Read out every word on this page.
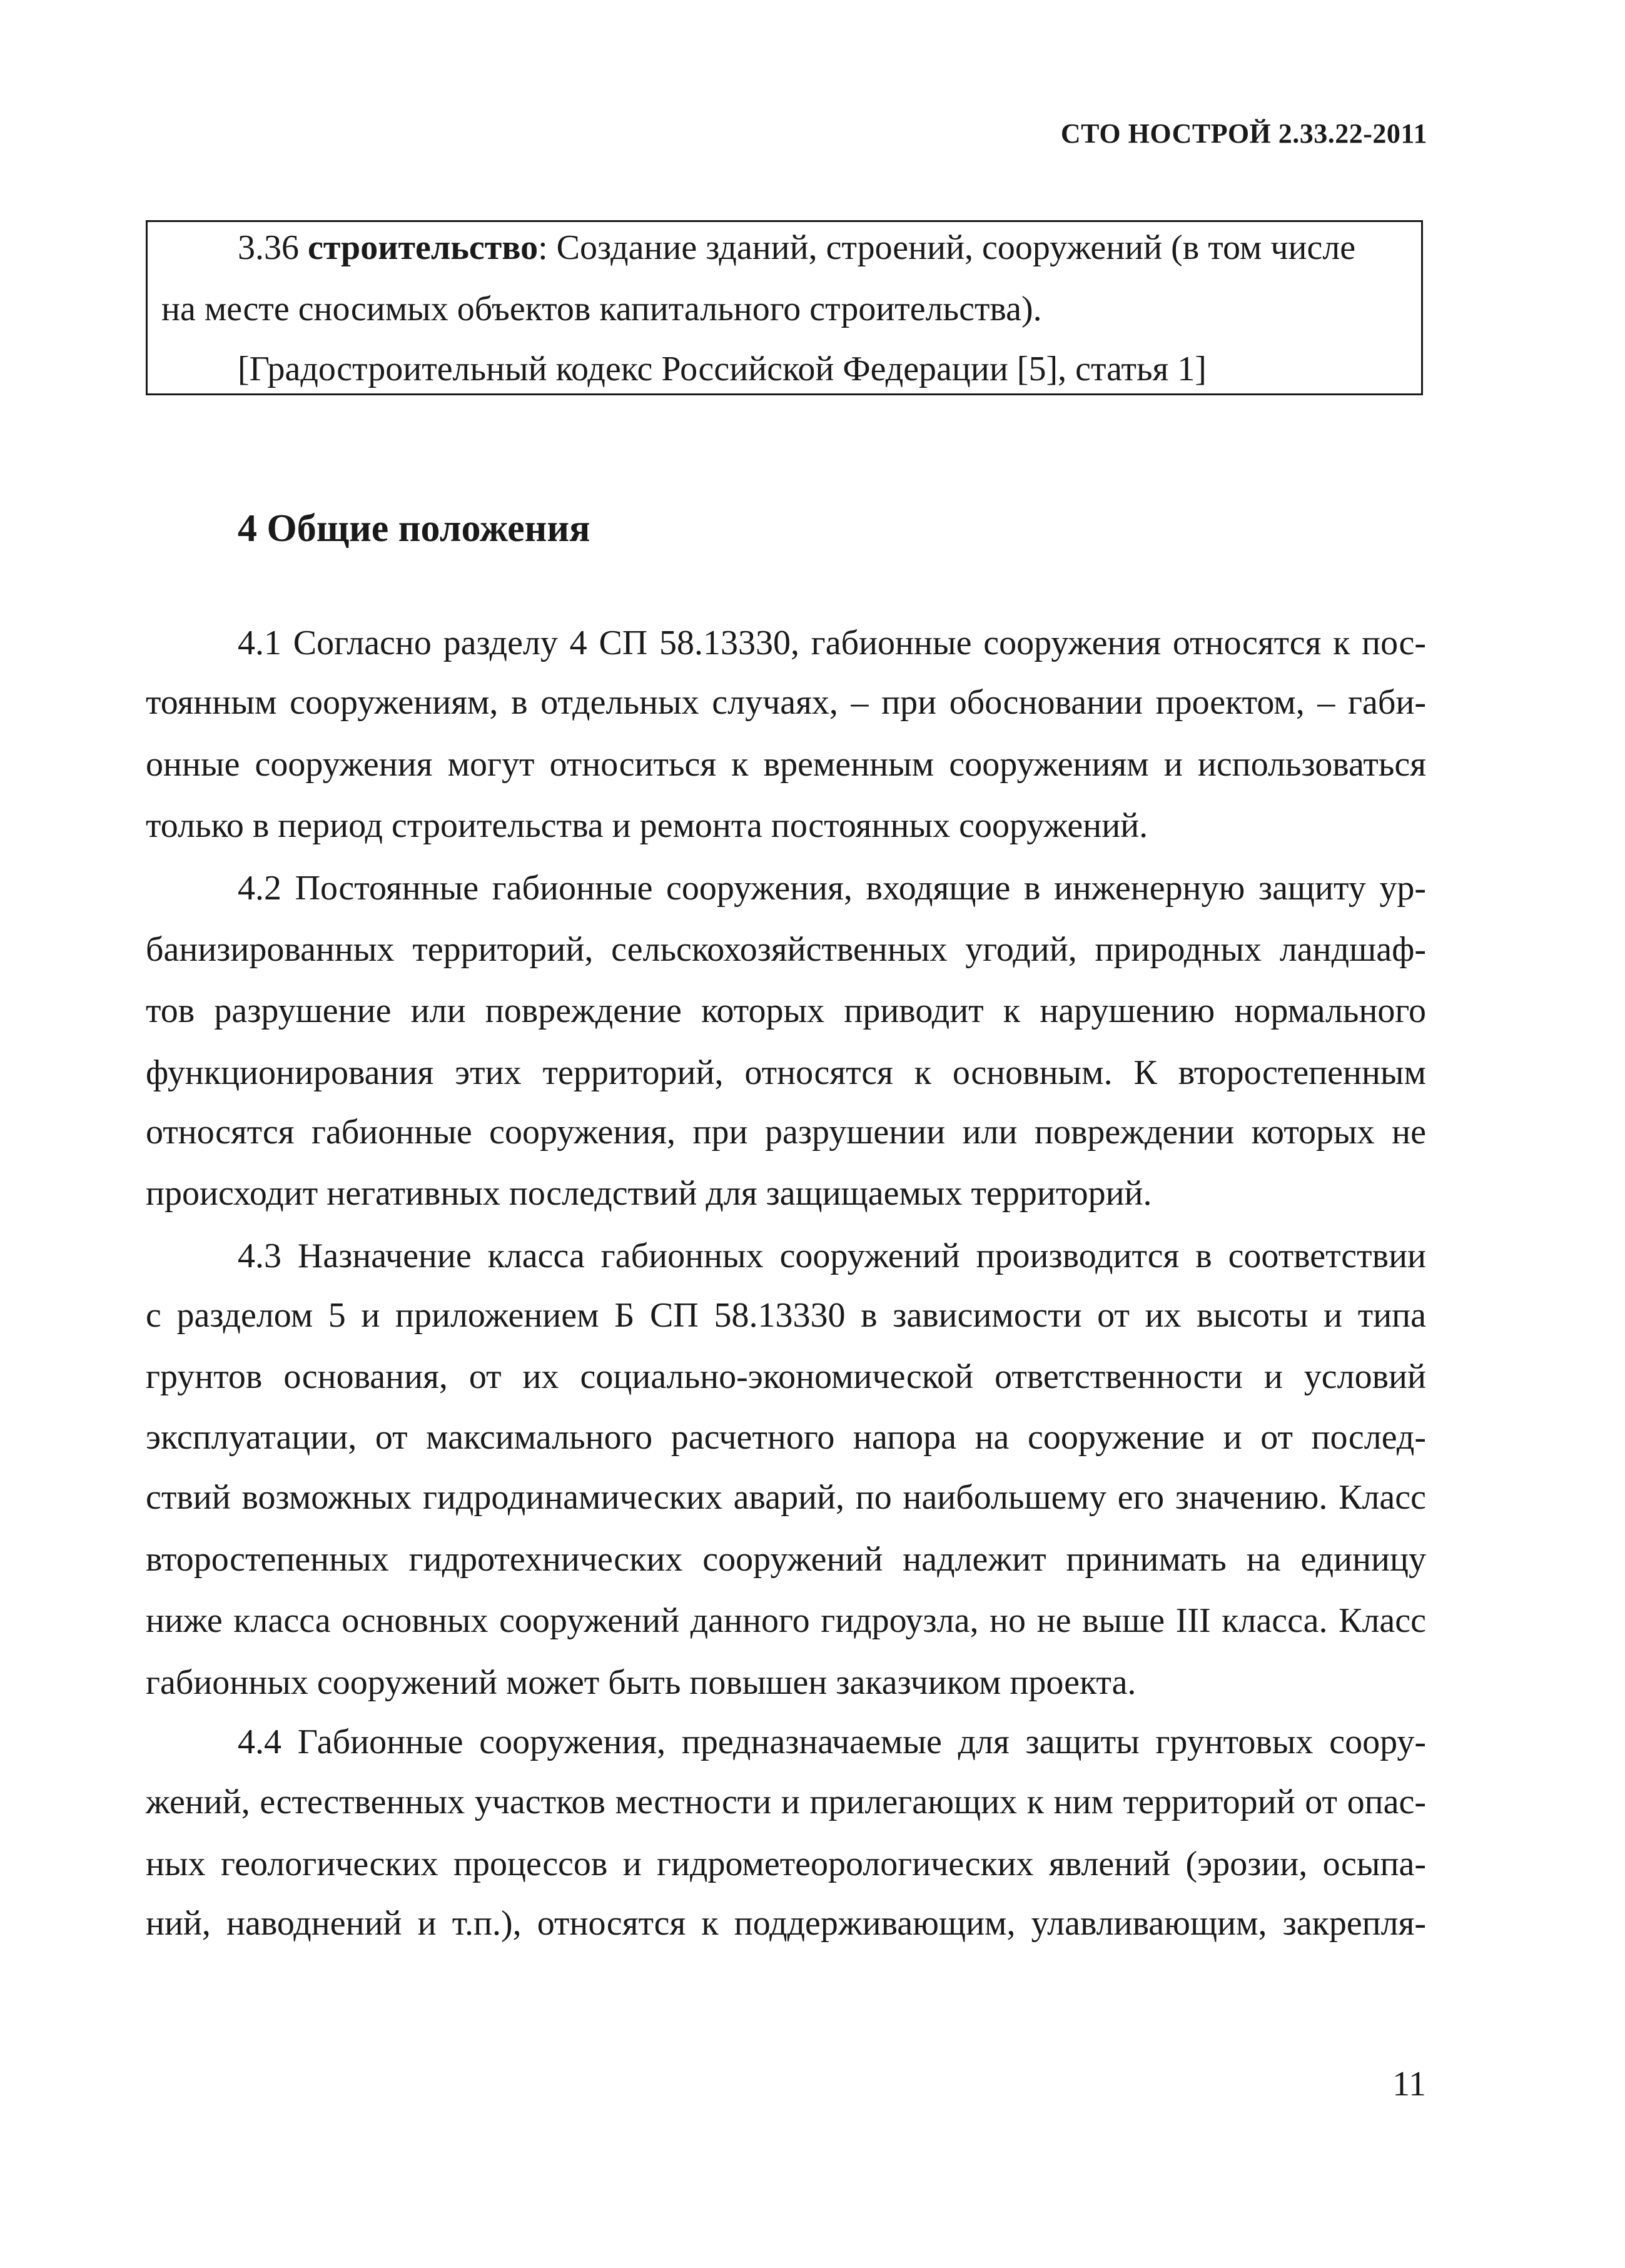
СТО НОСТРОЙ 2.33.22-2011
3.36 строительство: Создание зданий, строений, сооружений (в том числе
на месте сносимых объектов капитального строительства).
[Градостроительный кодекс Российской Федерации [5], статья 1]
4 Общие положения
4.1 Согласно разделу 4 СП 58.13330, габионные сооружения относятся к пос-
тоянным сооружениям, в отдельных случаях, – при обосновании проектом, – габи-
онные сооружения могут относиться к временным сооружениям и использоваться
только в период строительства и ремонта постоянных сооружений.
4.2 Постоянные габионные сооружения, входящие в инженерную защиту ур-
банизированных территорий, сельскохозяйственных угодий, природных ландшаф-
тов разрушение или повреждение которых приводит к нарушению нормального
функционирования этих территорий, относятся к основным. К второстепенным
относятся габионные сооружения, при разрушении или повреждении которых не
происходит негативных последствий для защищаемых территорий.
4.3 Назначение класса габионных сооружений производится в соответствии
с разделом 5 и приложением Б СП 58.13330 в зависимости от их высоты и типа
грунтов основания, от их социально-экономической ответственности и условий
эксплуатации, от максимального расчетного напора на сооружение и от послед-
ствий возможных гидродинамических аварий, по наибольшему его значению. Класс
второстепенных гидротехнических сооружений надлежит принимать на единицу
ниже класса основных сооружений данного гидроузла, но не выше III класса. Класс
габионных сооружений может быть повышен заказчиком проекта.
4.4 Габионные сооружения, предназначаемые для защиты грунтовых соору-
жений, естественных участков местности и прилегающих к ним территорий от опас-
ных геологических процессов и гидрометеорологических явлений (эрозии, осыпа-
ний, наводнений и т.п.), относятся к поддерживающим, улавливающим, закрепля-
11
